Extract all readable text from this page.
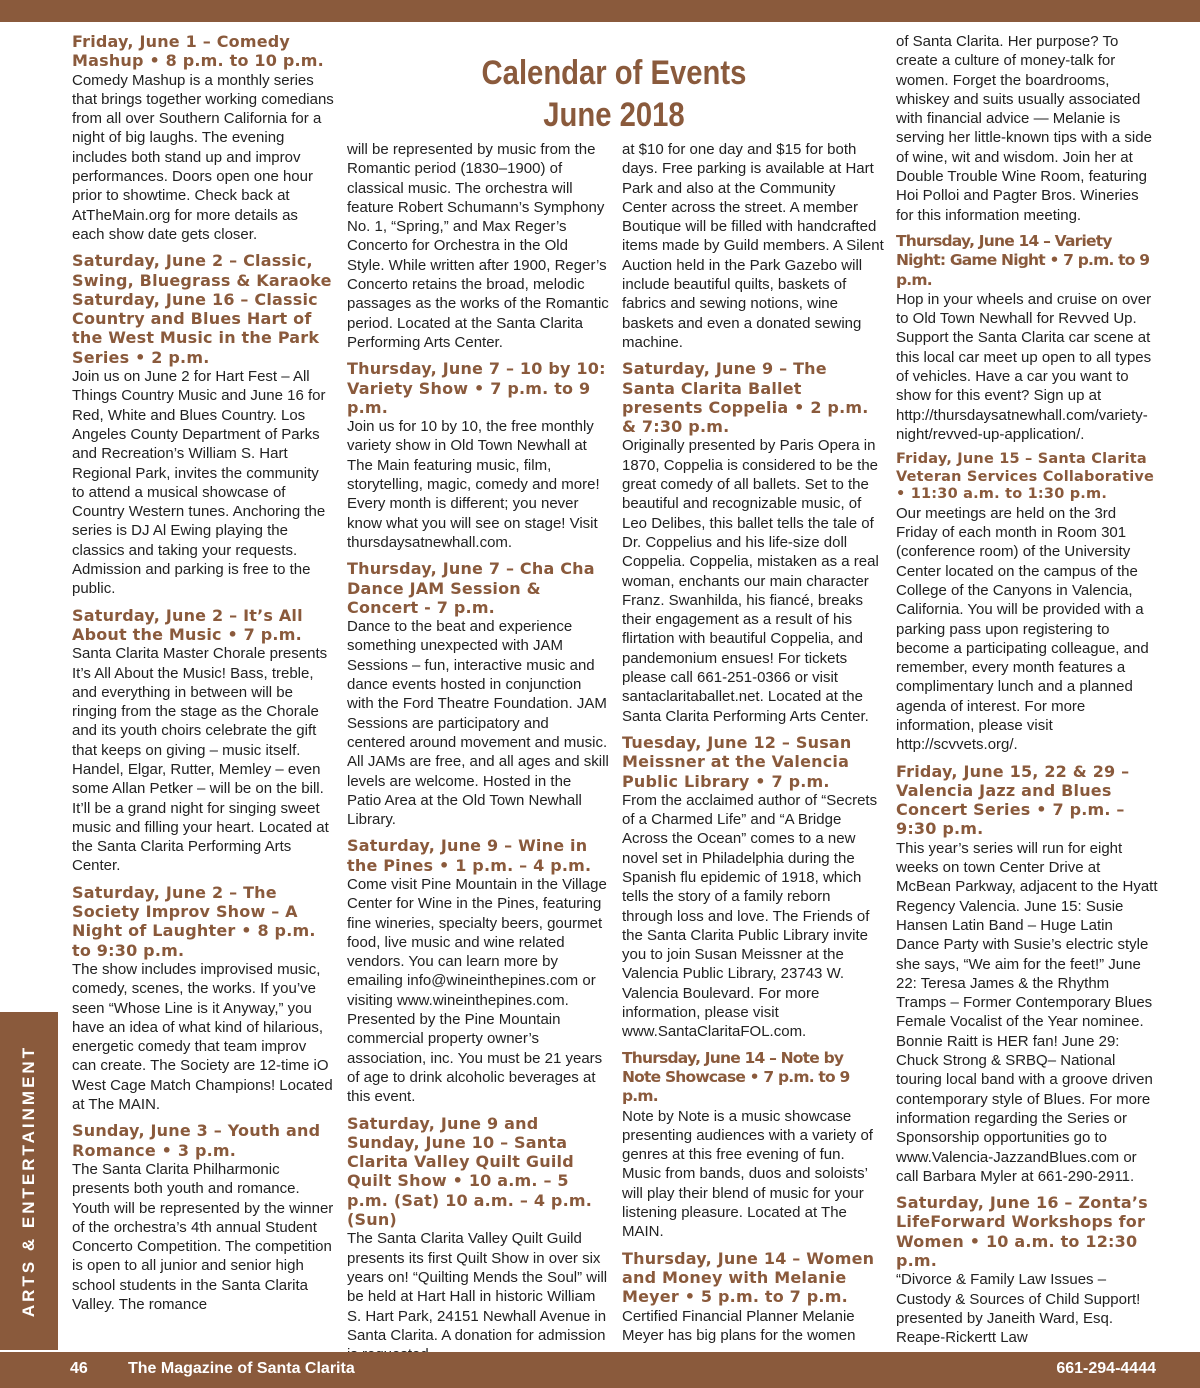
Calendar of Events
June 2018
Friday, June 1 – Comedy Mashup • 8 p.m. to 10 p.m.

Comedy Mashup is a monthly series that brings together working comedians from all over Southern California for a night of big laughs. The evening includes both stand up and improv performances. Doors open one hour prior to showtime. Check back at AtTheMain.org for more details as each show date gets closer.

Saturday, June 2 – Classic, Swing, Bluegrass & Karaoke Saturday, June 16 – Classic Country and Blues Hart of the West Music in the Park Series • 2 p.m.

Join us on June 2 for Hart Fest – All Things Country Music and June 16 for Red, White and Blues Country. Los Angeles County Department of Parks and Recreation’s William S. Hart Regional Park, invites the community to attend a musical showcase of Country Western tunes. Anchoring the series is DJ Al Ewing playing the classics and taking your requests. Admission and parking is free to the public.

Saturday, June 2 – It’s All About the Music • 7 p.m.

Santa Clarita Master Chorale presents It’s All About the Music! Bass, treble, and everything in between will be ringing from the stage as the Chorale and its youth choirs celebrate the gift that keeps on giving – music itself. Handel, Elgar, Rutter, Memley – even some Allan Petker – will be on the bill. It’ll be a grand night for singing sweet music and filling your heart. Located at the Santa Clarita Performing Arts Center.

Saturday, June 2 – The Society Improv Show – A Night of Laughter • 8 p.m. to 9:30 p.m.

The show includes improvised music, comedy, scenes, the works. If you’ve seen “Whose Line is it Anyway,” you have an idea of what kind of hilarious, energetic comedy that team improv can create. The Society are 12-time iO West Cage Match Champions! Located at The MAIN.

Sunday, June 3 – Youth and Romance • 3 p.m.

The Santa Clarita Philharmonic presents both youth and romance. Youth will be represented by the winner of the orchestra’s 4th annual Student Concerto Competition. The competition is open to all junior and senior high school students in the Santa Clarita Valley. The romance

will be represented by music from the Romantic period (1830–1900) of classical music. The orchestra will feature Robert Schumann’s Symphony No. 1, “Spring,” and Max Reger’s Concerto for Orchestra in the Old Style. While written after 1900, Reger’s Concerto retains the broad, melodic passages as the works of the Romantic period. Located at the Santa Clarita Performing Arts Center.

Thursday, June 7 – 10 by 10: Variety Show • 7 p.m. to 9 p.m.

Join us for 10 by 10, the free monthly variety show in Old Town Newhall at The Main featuring music, film, storytelling, magic, comedy and more! Every month is different; you never know what you will see on stage! Visit thursdaysatnewhall.com.

Thursday, June 7 – Cha Cha Dance JAM Session & Concert - 7 p.m.

Dance to the beat and experience something unexpected with JAM Sessions – fun, interactive music and dance events hosted in conjunction with the Ford Theatre Foundation. JAM Sessions are participatory and centered around movement and music. All JAMs are free, and all ages and skill levels are welcome. Hosted in the Patio Area at the Old Town Newhall Library.

Saturday, June 9 – Wine in the Pines • 1 p.m. – 4 p.m.

Come visit Pine Mountain in the Village Center for Wine in the Pines, featuring fine wineries, specialty beers, gourmet food, live music and wine related vendors. You can learn more by emailing info@wineinthepines.com or visiting www.wineinthepines.com. Presented by the Pine Mountain commercial property owner’s association, inc. You must be 21 years of age to drink alcoholic beverages at this event.

Saturday, June 9 and Sunday, June 10 – Santa Clarita Valley Quilt Guild Quilt Show • 10 a.m. – 5 p.m. (Sat) 10 a.m. – 4 p.m. (Sun)

The Santa Clarita Valley Quilt Guild presents its first Quilt Show in over six years on! “Quilting Mends the Soul” will be held at Hart Hall in historic William S. Hart Park, 24151 Newhall Avenue in Santa Clarita. A donation for admission

at $10 for one day and $15 for both days. Free parking is available at Hart Park and also at the Community Center across the street. A member Boutique will be filled with handcrafted items made by Guild members. A Silent Auction held in the Park Gazebo will include beautiful quilts, baskets of fabrics and sewing notions, wine baskets and even a donated sewing machine.

Saturday, June 9 – The Santa Clarita Ballet presents Coppelia • 2 p.m. & 7:30 p.m.

Originally presented by Paris Opera in 1870, Coppelia is considered to be the great comedy of all ballets. Set to the beautiful and recognizable music, of Leo Delibes, this ballet tells the tale of Dr. Coppelius and his life-size doll Coppelia. Coppelia, mistaken as a real woman, enchants our main character Franz. Swanhilda, his fiancé, breaks their engagement as a result of his flirtation with beautiful Coppelia, and pandemonium ensues! For tickets please call 661-251-0366 or visit santaclaritaballet.net. Located at the Santa Clarita Performing Arts Center.

Tuesday, June 12 – Susan Meissner at the Valencia Public Library • 7 p.m.

From the acclaimed author of “Secrets of a Charmed Life” and “A Bridge Across the Ocean” comes to a new novel set in Philadelphia during the Spanish flu epidemic of 1918, which tells the story of a family reborn through loss and love. The Friends of the Santa Clarita Public Library invite you to join Susan Meissner at the Valencia Public Library, 23743 W. Valencia Boulevard. For more information, please visit www.SantaClaritaFOL.com.

Thursday, June 14 – Note by Note Showcase • 7 p.m. to 9 p.m.

Note by Note is a music showcase presenting audiences with a variety of genres at this free evening of fun. Music from bands, duos and soloists’ will play their blend of music for your listening pleasure. Located at The MAIN.

Thursday, June 14 – Women and Money with Melanie Meyer • 5 p.m. to 7 p.m.

Certified Financial Planner Melanie Meyer has big plans for the women

of Santa Clarita. Her purpose? To create a culture of money-talk for women. Forget the boardrooms, whiskey and suits usually associated with financial advice — Melanie is serving her little-known tips with a side of wine, wit and wisdom. Join her at Double Trouble Wine Room, featuring Hoi Polloi and Pagter Bros. Wineries for this information meeting.

Thursday, June 14 – Variety Night: Game Night • 7 p.m. to 9 p.m.

Hop in your wheels and cruise on over to Old Town Newhall for Revved Up. Support the Santa Clarita car scene at this local car meet up open to all types of vehicles. Have a car you want to show for this event? Sign up at http://thursdaysatnewhall.com/variety-night/revved-up-application/.

Friday, June 15 – Santa Clarita Veteran Services Collaborative • 11:30 a.m. to 1:30 p.m.

Our meetings are held on the 3rd Friday of each month in Room 301 (conference room) of the University Center located on the campus of the College of the Canyons in Valencia, California. You will be provided with a parking pass upon registering to become a participating colleague, and remember, every month features a complimentary lunch and a planned agenda of interest. For more information, please visit http://scvvets.org/.

Friday, June 15, 22 & 29 – Valencia Jazz and Blues Concert Series • 7 p.m. – 9:30 p.m.

This year’s series will run for eight weeks on town Center Drive at McBean Parkway, adjacent to the Hyatt Regency Valencia. June 15: Susie Hansen Latin Band – Huge Latin Dance Party with Susie’s electric style she says, “We aim for the feet!” June 22: Teresa James & the Rhythm Tramps – Former Contemporary Blues Female Vocalist of the Year nominee. Bonnie Raitt is HER fan! June 29: Chuck Strong & SRBQ– National touring local band with a groove driven contemporary style of Blues. For more information regarding the Series or Sponsorship opportunities go to www.Valencia-JazzandBlues.com or call Barbara Myler at 661-290-2911.

Saturday, June 16 – Zonta’s LifeForward Workshops for Women • 10 a.m. to 12:30 p.m.

“Divorce & Family Law Issues – Custody & Sources of Child Support! presented by Janeith Ward, Esq. Reape-Rickertt Law

ARTS & ENTERTAINMENT
46	The Magazine of Santa Clarita	661-294-4444
